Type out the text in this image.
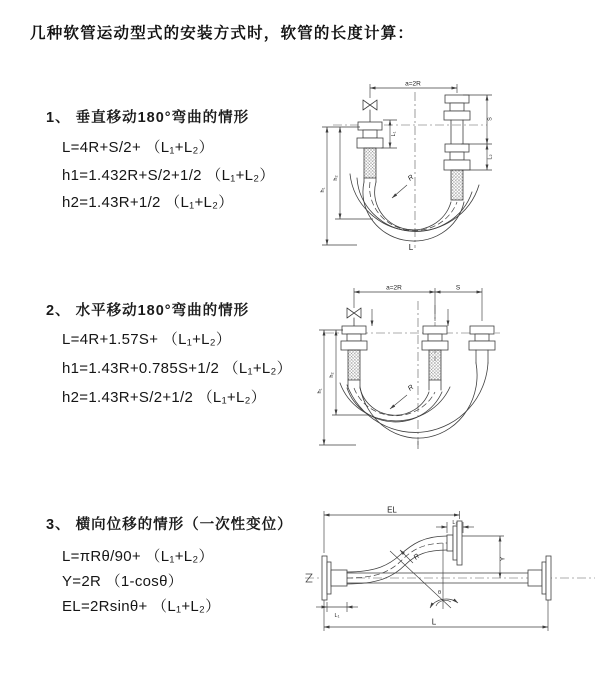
几种软管运动型式的安装方式时，软管的长度计算：
1、 垂直移动180°弯曲的情形
L=4R+S/2+ （L₁+L₂）
h1=1.432R+S/2+1/2 （L₁+L₂）
h2=1.43R+1/2 （L₁+L₂）
2、 水平移动180°弯曲的情形
L=4R+1.57S+ （L₁+L₂）
h1=1.43R+0.785S+1/2 （L₁+L₂）
h2=1.43R+S/2+1/2 （L₁+L₂）
3、 横向位移的情形（一次性变位）
L=πRθ/90+ （L₁+L₂）
Y=2R （1-cosθ）
EL=2Rsinθ+ （L₁+L₂）
a=2R
h₁
h₂
L₁
S
L₂
R
L
a=2R	S
h₁
h₂
R
θ
R
EL
L₂
Y
L
L₁
